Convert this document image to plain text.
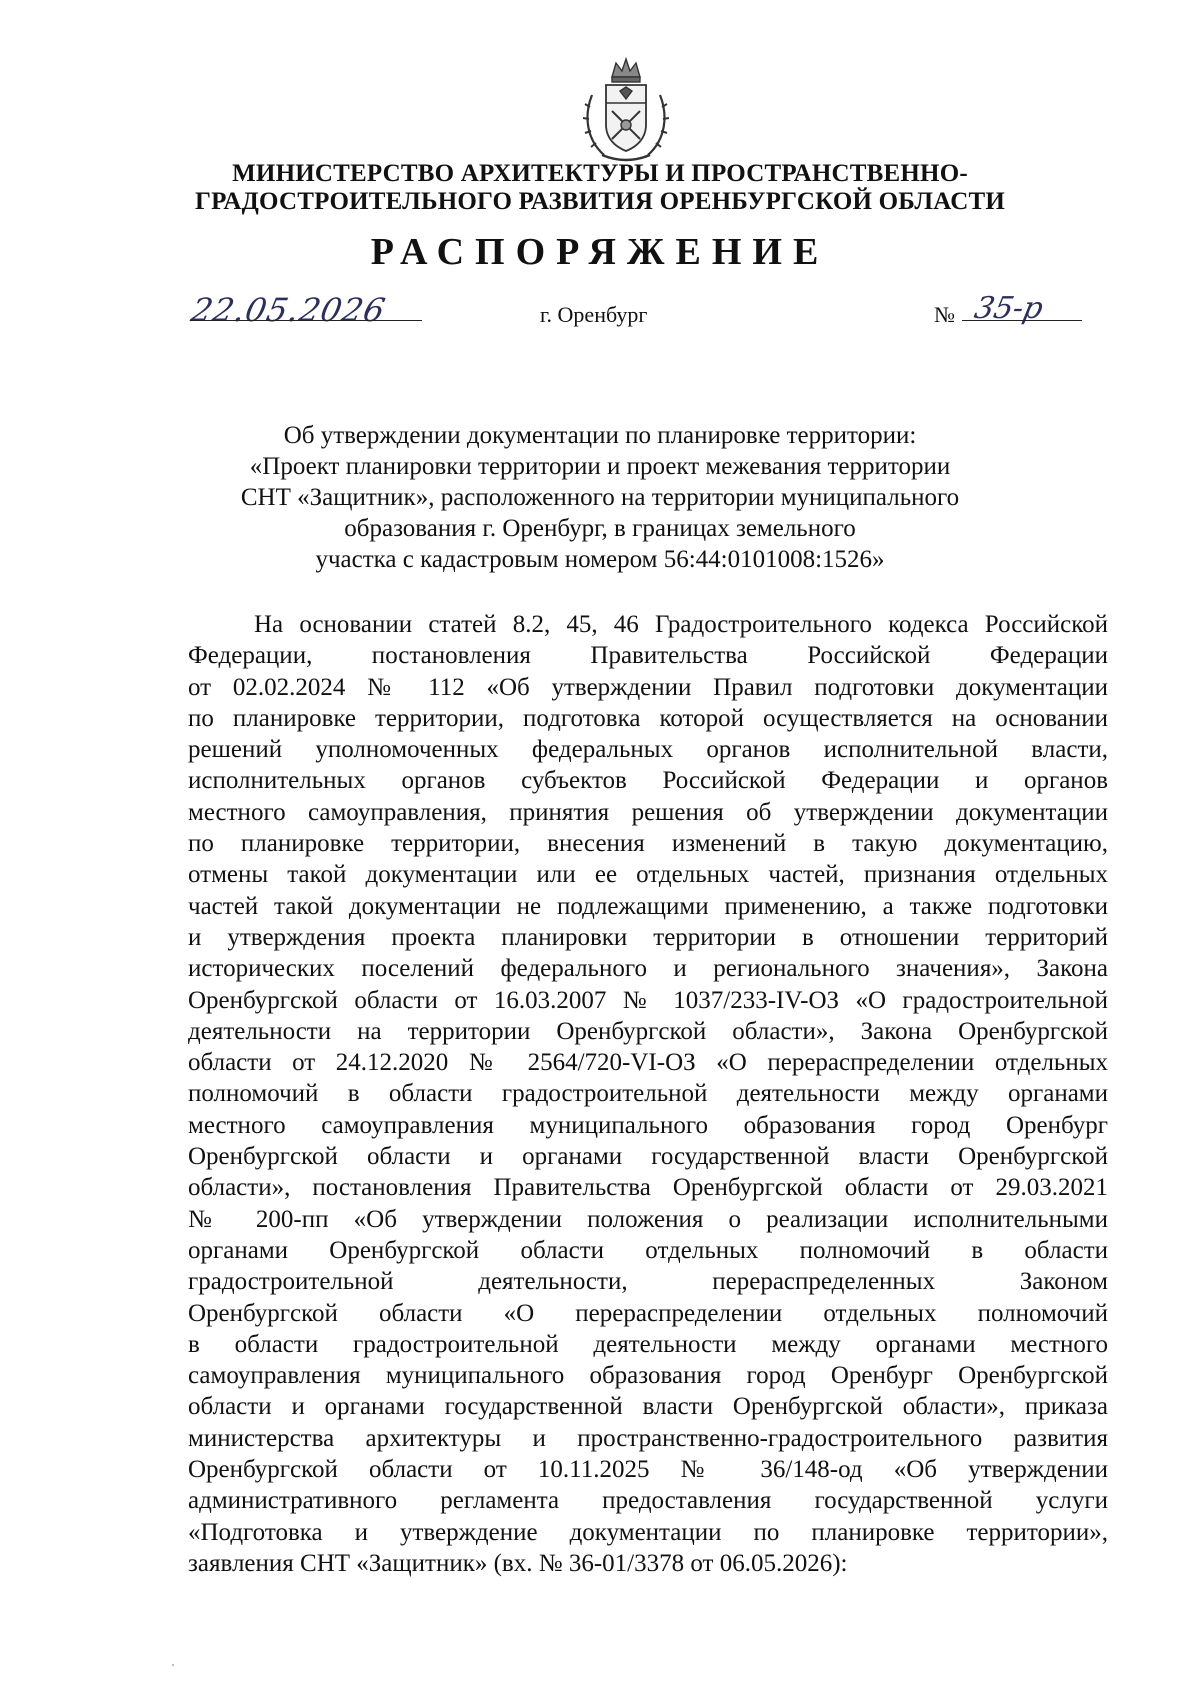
МИНИСТЕРСТВО АРХИТЕКТУРЫ И ПРОСТРАНСТВЕННО-
ГРАДОСТРОИТЕЛЬНОГО РАЗВИТИЯ ОРЕНБУРГСКОЙ ОБЛАСТИ
РАСПОРЯЖЕНИЕ
22.05.2026	г. Оренбург	№ 35-р
Об утверждении документации по планировке территории:
«Проект планировки территории и проект межевания территории
СНТ «Защитник», расположенного на территории муниципального
образования г. Оренбург, в границах земельного
участка с кадастровым номером 56:44:0101008:1526»
На основании статей 8.2, 45, 46 Градостроительного кодекса Российской
Федерации, постановления Правительства Российской Федерации
от 02.02.2024 № 112 «Об утверждении Правил подготовки документации
по планировке территории, подготовка которой осуществляется на основании
решений уполномоченных федеральных органов исполнительной власти,
исполнительных органов субъектов Российской Федерации и органов
местного самоуправления, принятия решения об утверждении документации
по планировке территории, внесения изменений в такую документацию,
отмены такой документации или ее отдельных частей, признания отдельных
частей такой документации не подлежащими применению, а также подготовки
и утверждения проекта планировки территории в отношении территорий
исторических поселений федерального и регионального значения», Закона
Оренбургской области от 16.03.2007 № 1037/233-IV-ОЗ «О градостроительной
деятельности на территории Оренбургской области», Закона Оренбургской
области от 24.12.2020 № 2564/720-VI-ОЗ «О перераспределении отдельных
полномочий в области градостроительной деятельности между органами
местного самоуправления муниципального образования город Оренбург
Оренбургской области и органами государственной власти Оренбургской
области», постановления Правительства Оренбургской области от 29.03.2021
№ 200-пп «Об утверждении положения о реализации исполнительными
органами Оренбургской области отдельных полномочий в области
градостроительной деятельности, перераспределенных Законом
Оренбургской области «О перераспределении отдельных полномочий
в области градостроительной деятельности между органами местного
самоуправления муниципального образования город Оренбург Оренбургской
области и органами государственной власти Оренбургской области», приказа
министерства архитектуры и пространственно-градостроительного развития
Оренбургской области от 10.11.2025 № 36/148-од «Об утверждении
административного регламента предоставления государственной услуги
«Подготовка и утверждение документации по планировке территории»,
заявления СНТ «Защитник» (вх. № 36-01/3378 от 06.05.2026):
